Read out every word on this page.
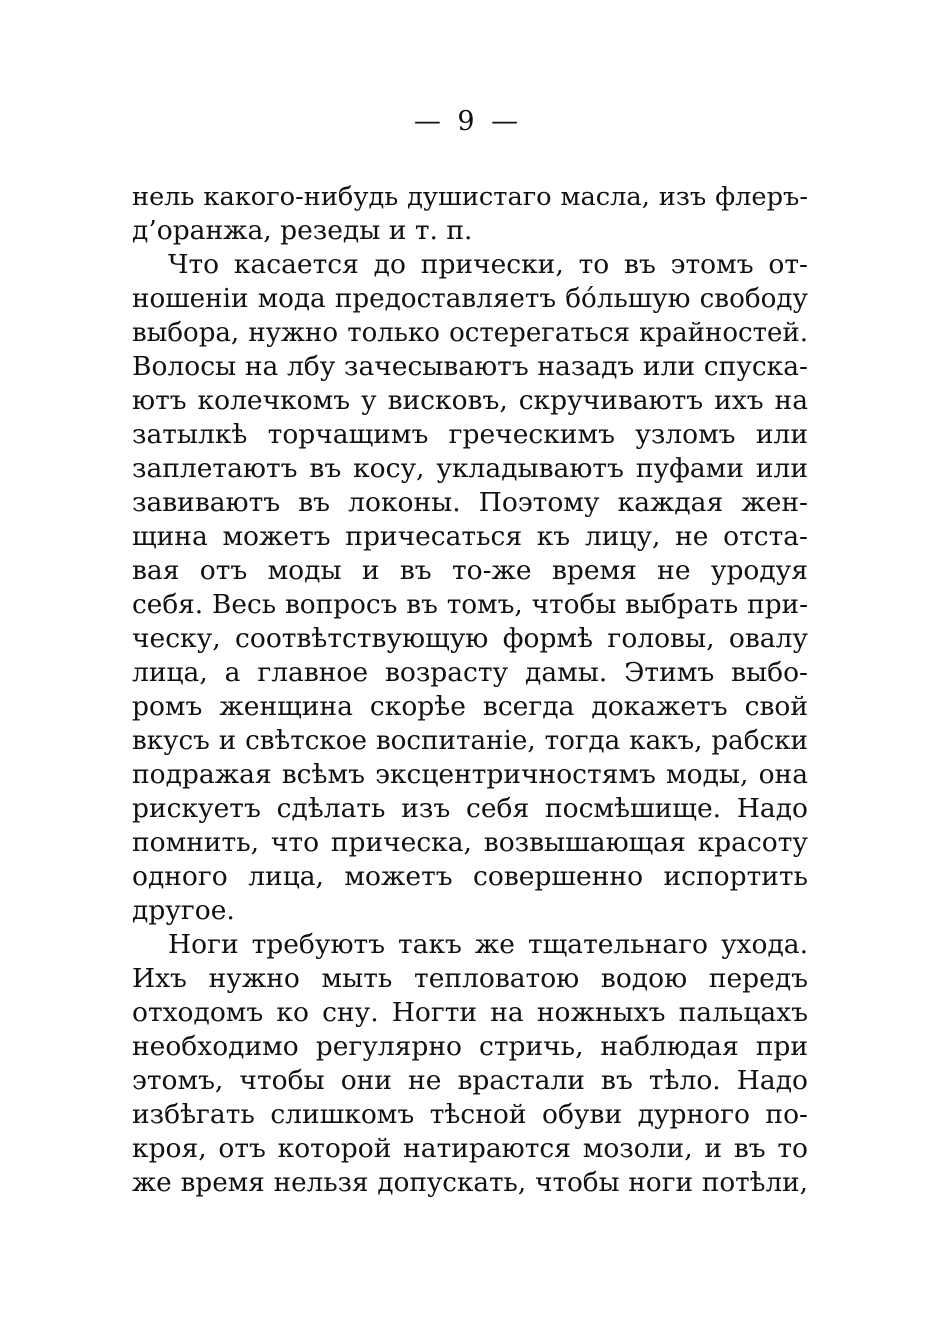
— 9 —
нель какого-нибудь душистаго масла, изъ флеръ-
д’оранжа, резеды и т. п.
Что касается до прически, то въ этомъ от-
ношеніи мода предоставляетъ бóльшую свободу
выбора, нужно только остерегаться крайностей.
Волосы на лбу зачесываютъ назадъ или спуска-
ютъ колечкомъ у висковъ, скручиваютъ ихъ на
затылкѣ торчащимъ греческимъ узломъ или
заплетаютъ въ косу, укладываютъ пуфами или
завиваютъ въ локоны. Поэтому каждая жен-
щина можетъ причесаться къ лицу, не отста-
вая отъ моды и въ то-же время не уродуя
себя. Весь вопросъ въ томъ, чтобы выбрать при-
ческу, соотвѣтствующую формѣ головы, овалу
лица, а главное возрасту дамы. Этимъ выбо-
ромъ женщина скорѣе всегда докажетъ свой
вкусъ и свѣтское воспитаніе, тогда какъ, рабски
подражая всѣмъ эксцентричностямъ моды, она
рискуетъ сдѣлать изъ себя посмѣшище. Надо
помнить, что прическа, возвышающая красоту
одного лица, можетъ совершенно испортить
другое.
Ноги требуютъ такъ же тщательнаго ухода.
Ихъ нужно мыть тепловатою водою передъ
отходомъ ко сну. Ногти на ножныхъ пальцахъ
необходимо регулярно стричь, наблюдая при
этомъ, чтобы они не врастали въ тѣло. Надо
избѣгать слишкомъ тѣсной обуви дурного по-
кроя, отъ которой натираются мозоли, и въ то
же время нельзя допускать, чтобы ноги потѣли,
